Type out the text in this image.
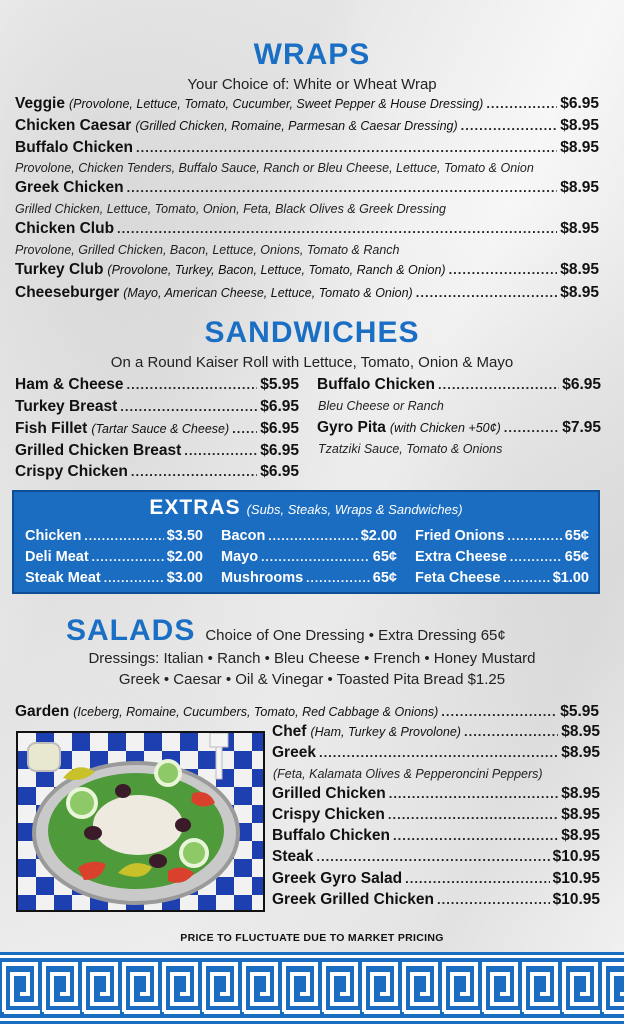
WRAPS
Your Choice of: White or Wheat Wrap
Veggie (Provolone, Lettuce, Tomato, Cucumber, Sweet Pepper & House Dressing) .....	$6.95
Chicken Caesar (Grilled Chicken, Romaine, Parmesan & Caesar Dressing) .....	$8.95
Buffalo Chicken .....	$8.95
Provolone, Chicken Tenders, Buffalo Sauce, Ranch or Bleu Cheese, Lettuce, Tomato & Onion
Greek Chicken .....	$8.95
Grilled Chicken, Lettuce, Tomato, Onion, Feta, Black Olives & Greek Dressing
Chicken Club .....	$8.95
Provolone, Grilled Chicken, Bacon, Lettuce, Onions, Tomato & Ranch
Turkey Club (Provolone, Turkey, Bacon, Lettuce, Tomato, Ranch & Onion) .....	$8.95
Cheeseburger (Mayo, American Cheese, Lettuce, Tomato & Onion) .....	$8.95
SANDWICHES
On a Round Kaiser Roll with Lettuce, Tomato, Onion & Mayo
Ham & Cheese .....	$5.95
Turkey Breast .....	$6.95
Fish Fillet (Tartar Sauce & Cheese) ..... $6.95
Grilled Chicken Breast .....	$6.95
Crispy Chicken .....	$6.95
Buffalo Chicken .....	$6.95
Bleu Cheese or Ranch
Gyro Pita (with Chicken +50¢) .....	$7.95
Tzatziki Sauce, Tomato & Onions
EXTRAS (Subs, Steaks, Wraps & Sandwiches)
Chicken .....	$3.50
Deli Meat .....	$2.00
Steak Meat .....	$3.00
Bacon .....	$2.00
Mayo .....	65¢
Mushrooms .....	65¢
Fried Onions .....	65¢
Extra Cheese .....	65¢
Feta Cheese .....	$1.00
SALADS Choice of One Dressing • Extra Dressing 65¢
Dressings: Italian • Ranch • Bleu Cheese • French • Honey Mustard
Greek • Caesar • Oil & Vinegar • Toasted Pita Bread $1.25
Garden (Iceberg, Romaine, Cucumbers, Tomato, Red Cabbage & Onions) .....	$5.95
Chef (Ham, Turkey & Provolone) .....	$8.95
Greek .....	$8.95
(Feta, Kalamata Olives & Pepperoncini Peppers)
Grilled Chicken .....	$8.95
Crispy Chicken .....	$8.95
Buffalo Chicken .....	$8.95
Steak .....	$10.95
Greek Gyro Salad .....	$10.95
Greek Grilled Chicken .....	$10.95
PRICE TO FLUCTUATE DUE TO MARKET PRICING
